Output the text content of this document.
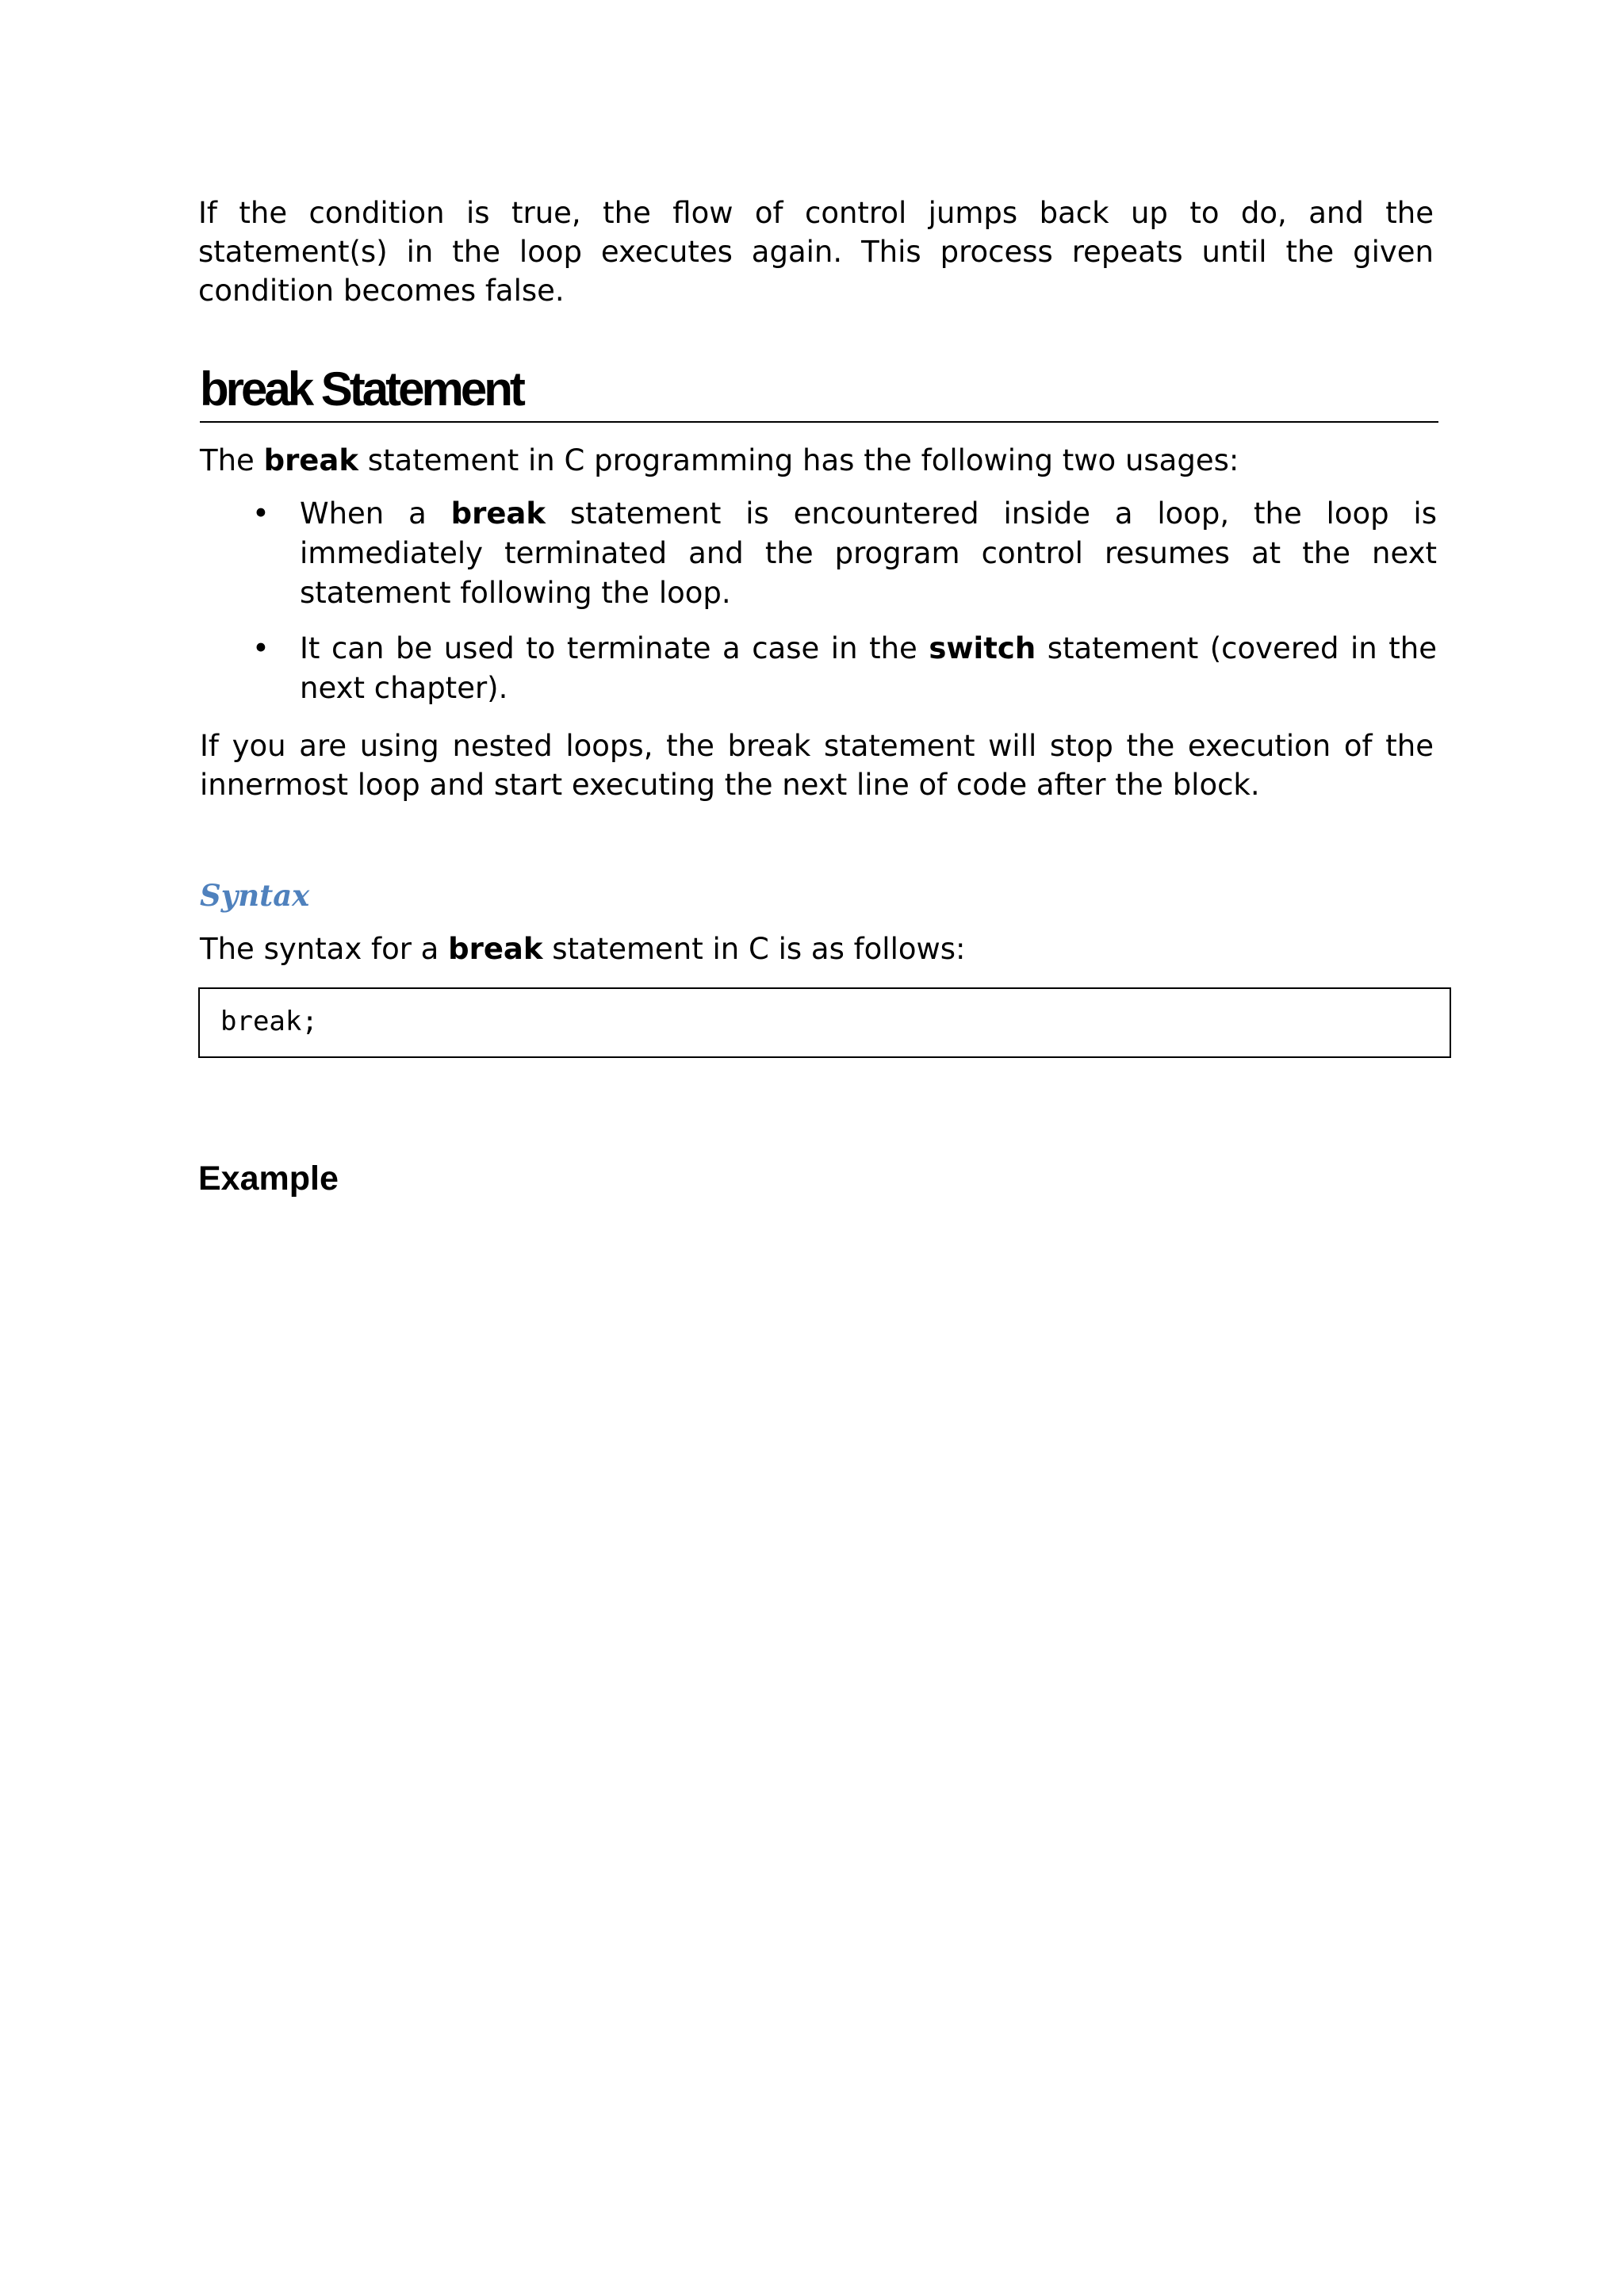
If the condition is true, the flow of control jumps back up to do, and the statement(s) in the loop executes again. This process repeats until the given condition becomes false.

break Statement

The break statement in C programming has the following two usages:

• When a break statement is encountered inside a loop, the loop is immediately terminated and the program control resumes at the next statement following the loop.
• It can be used to terminate a case in the switch statement (covered in the next chapter).

If you are using nested loops, the break statement will stop the execution of the innermost loop and start executing the next line of code after the block.

Syntax

The syntax for a break statement in C is as follows:

break;
Example
